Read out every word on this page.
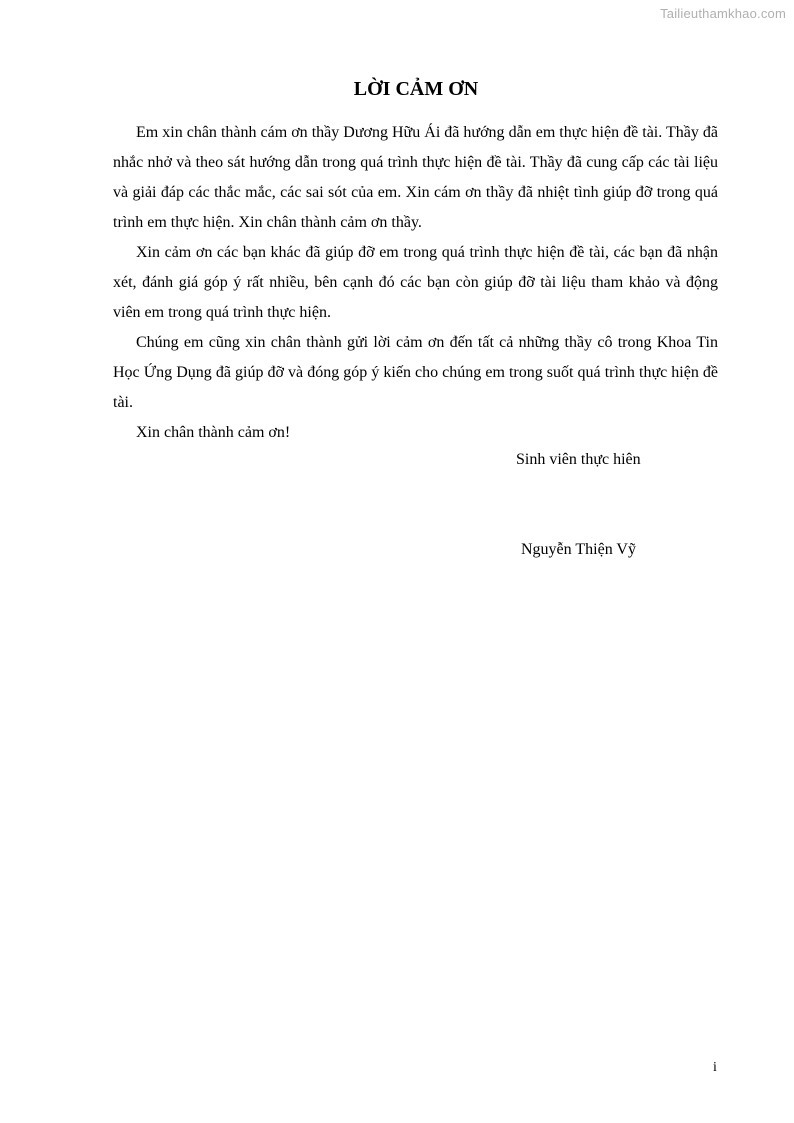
Tailieuthamkhao.com
LỜI CẢM ƠN

Em xin chân thành cám ơn thầy Dương Hữu Ái đã hướng dẫn em thực hiện đề tài. Thầy đã nhắc nhở và theo sát hướng dẫn trong quá trình thực hiện đề tài. Thầy đã cung cấp các tài liệu và giải đáp các thắc mắc, các sai sót của em. Xin cám ơn thầy đã nhiệt tình giúp đỡ trong quá trình em thực hiện. Xin chân thành cảm ơn thầy.

Xin cảm ơn các bạn khác đã giúp đỡ em trong quá trình thực hiện đề tài, các bạn đã nhận xét, đánh giá góp ý rất nhiều, bên cạnh đó các bạn còn giúp đỡ tài liệu tham khảo và động viên em trong quá trình thực hiện.

Chúng em cũng xin chân thành gửi lời cảm ơn đến tất cả những thầy cô trong Khoa Tin Học Ứng Dụng đã giúp đỡ và đóng góp ý kiến cho chúng em trong suốt quá trình thực hiện đề tài.

Xin chân thành cảm ơn!

Sinh viên thực hiên
Nguyễn Thiện Vỹ
i
